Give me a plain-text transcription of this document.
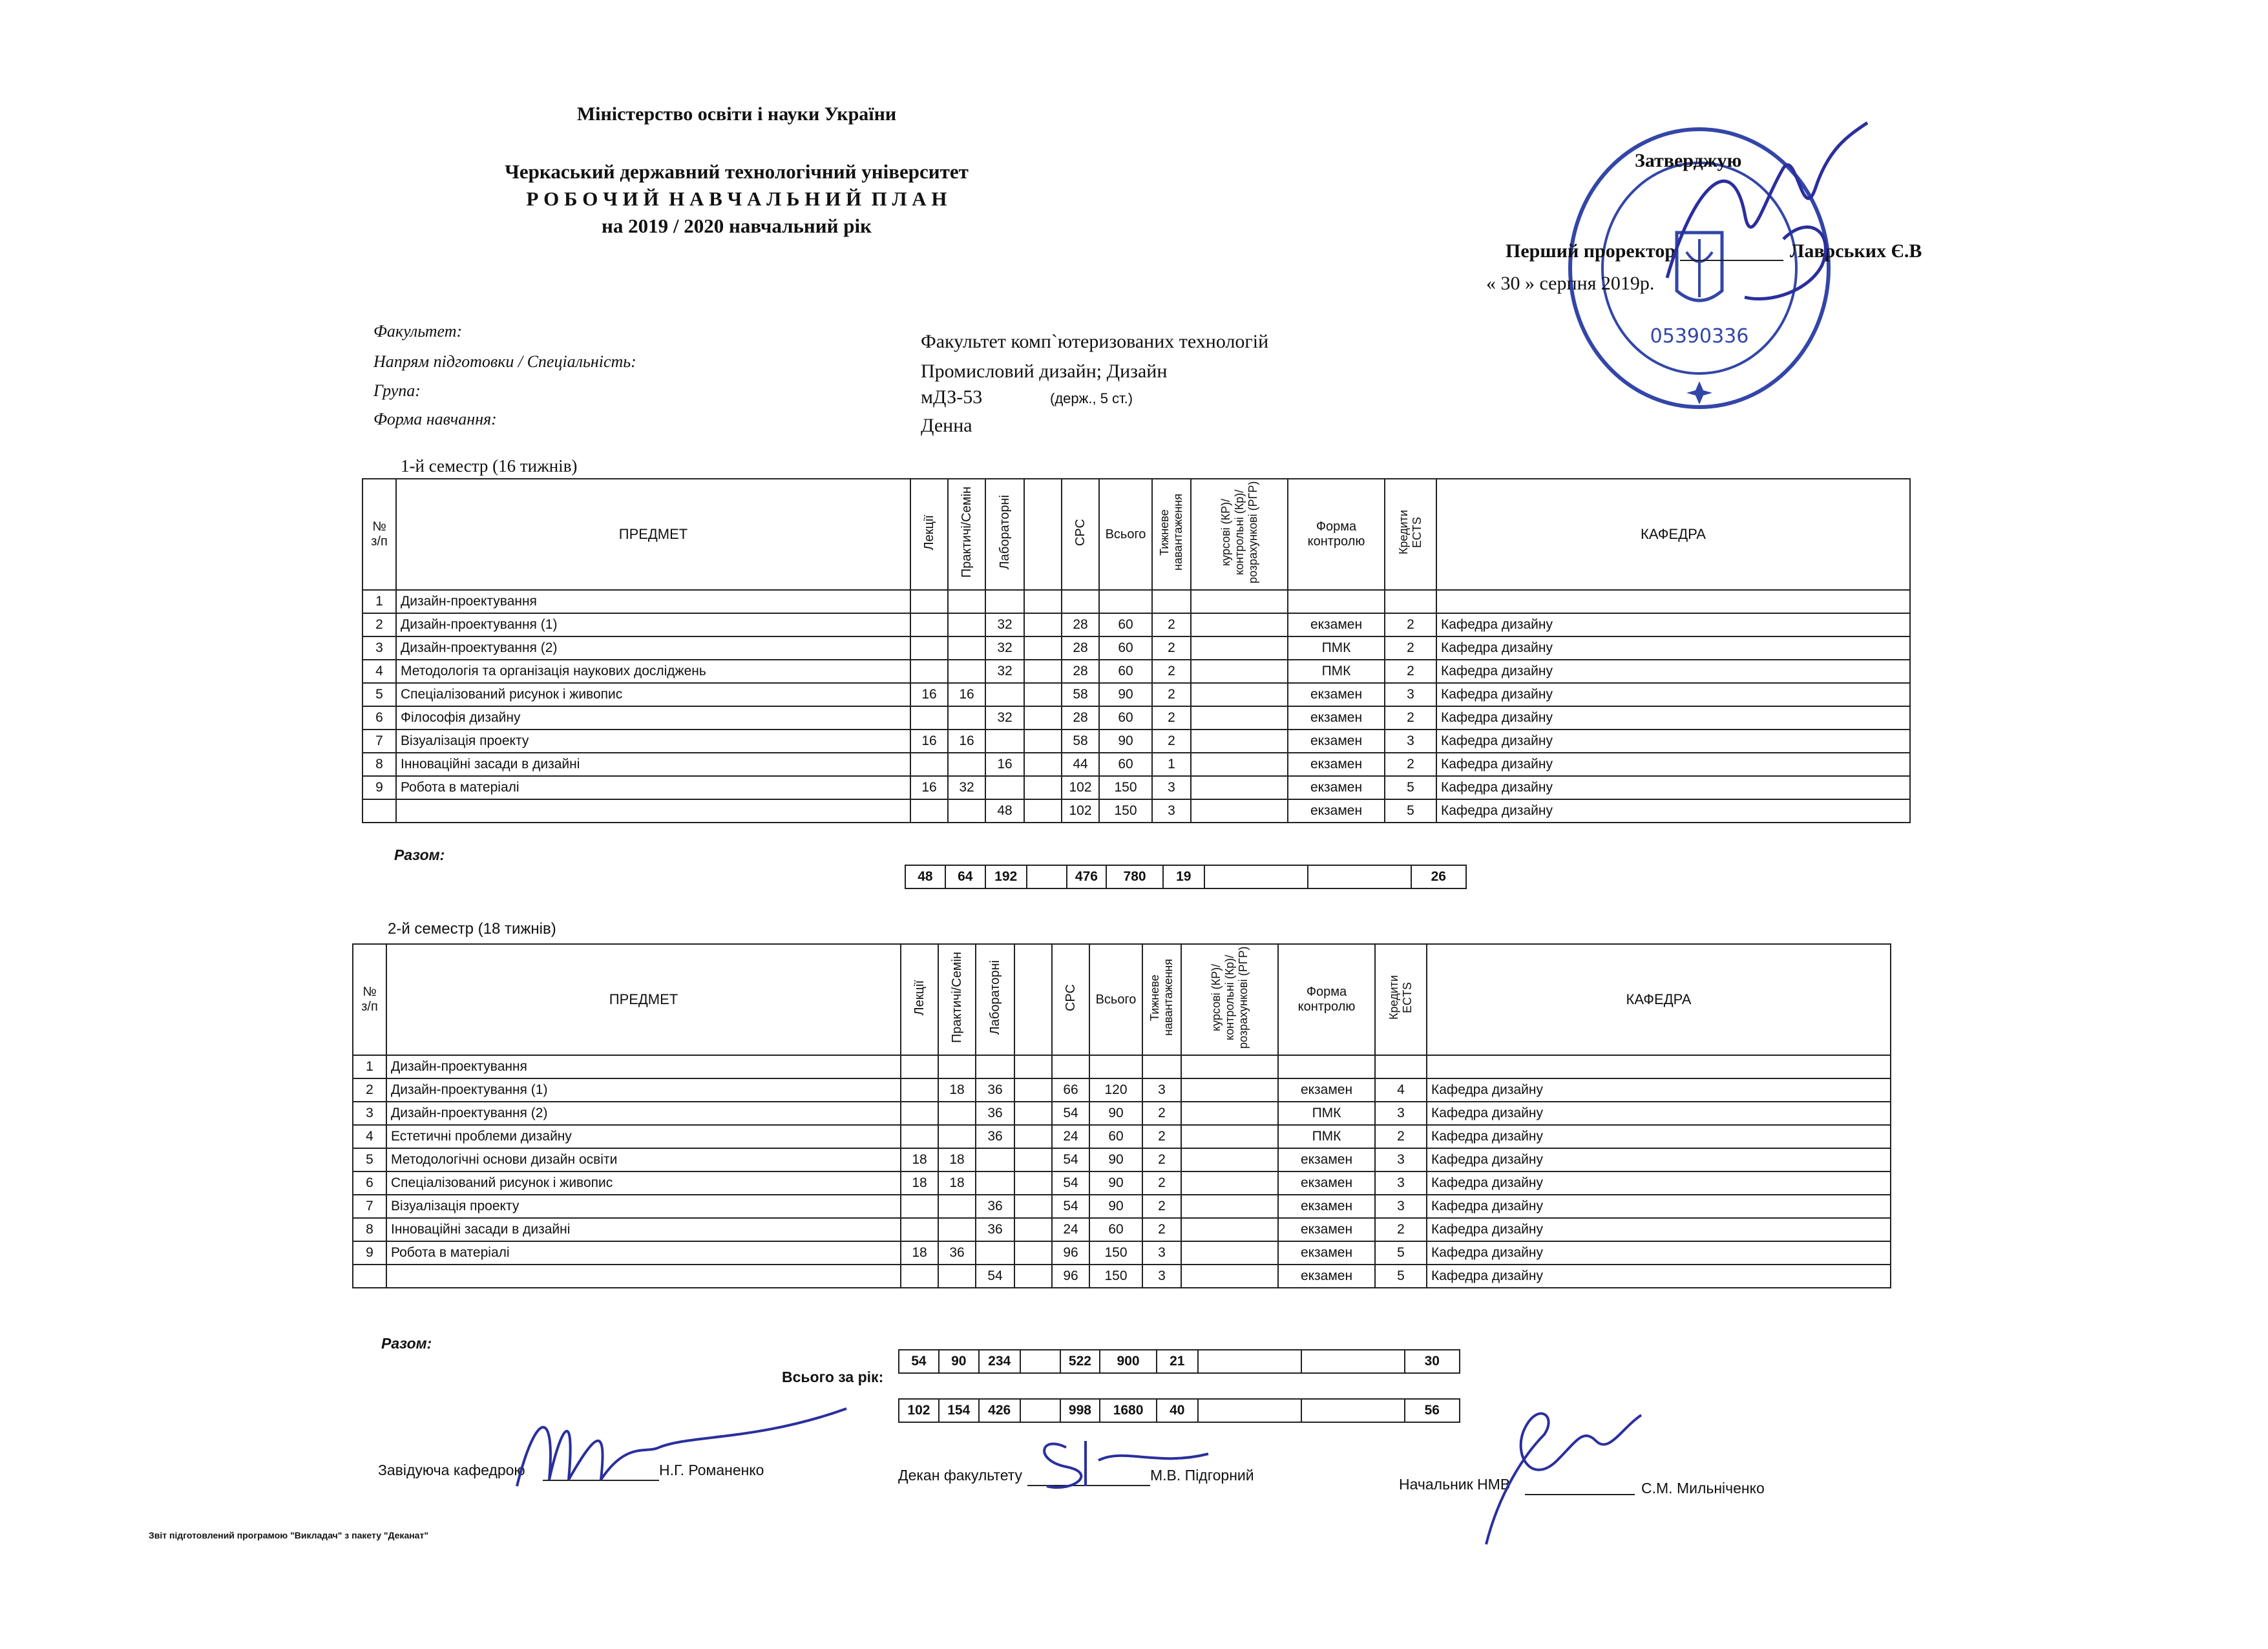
Міністерство освіти і науки України
Черкаський державний технологічний університет
Р О Б О Ч И Й  Н А В Ч А Л Ь Н И Й  П Л А Н
на 2019 / 2020 навчальний рік
05390336
Затверджую
Перший проректор	Лаврських Є.В
« 30 » серпня 2019р.
Факультет:	Факультет комп`ютеризованих технологій
Напрям підготовки / Спеціальність:	Промисловий дизайн; Дизайн
Група:	мДЗ-53	(держ., 5 ст.)
Форма навчання:	Денна
1-й семестр (16 тижнів)
№ з/п	ПРЕДМЕТ	Лекції	Практичі/Семін	Лабораторні		СРС	Всього	Тижневе навантаження	курсові (КР)/ контрольні (Кр)/ розрахункові (РГР)	Форма контролю	Кредити ECTS	КАФЕДРА
1	Дизайн-проектування											
2	Дизайн-проектування (1)			32		28	60	2		екзамен	2	Кафедра дизайну
3	Дизайн-проектування (2)			32		28	60	2		ПМК	2	Кафедра дизайну
4	Методологія та організація наукових досліджень			32		28	60	2		ПМК	2	Кафедра дизайну
5	Спеціалізований рисунок і живопис	16	16			58	90	2		екзамен	3	Кафедра дизайну
6	Філософія дизайну			32		28	60	2		екзамен	2	Кафедра дизайну
7	Візуалізація проекту	16	16			58	90	2		екзамен	3	Кафедра дизайну
8	Інноваційні засади в дизайні			16		44	60	1		екзамен	2	Кафедра дизайну
9	Робота в матеріалі	16	32			102	150	3		екзамен	5	Кафедра дизайну
				48		102	150	3		екзамен	5	Кафедра дизайну
Разом:
48	64	192		476	780	19			26
2-й семестр (18 тижнів)
№ з/п	ПРЕДМЕТ	Лекції	Практичі/Семін	Лабораторні		СРС	Всього	Тижневе навантаження	курсові (КР)/ контрольні (Кр)/ розрахункові (РГР)	Форма контролю	Кредити ECTS	КАФЕДРА
1	Дизайн-проектування											
2	Дизайн-проектування (1)		18	36		66	120	3		екзамен	4	Кафедра дизайну
3	Дизайн-проектування (2)			36		54	90	2		ПМК	3	Кафедра дизайну
4	Естетичні проблеми дизайну			36		24	60	2		ПМК	2	Кафедра дизайну
5	Методологічні основи дизайн освіти	18	18			54	90	2		екзамен	3	Кафедра дизайну
6	Спеціалізований рисунок і живопис	18	18			54	90	2		екзамен	3	Кафедра дизайну
7	Візуалізація проекту			36		54	90	2		екзамен	3	Кафедра дизайну
8	Інноваційні засади в дизайні			36		24	60	2		екзамен	2	Кафедра дизайну
9	Робота в матеріалі	18	36			96	150	3		екзамен	5	Кафедра дизайну
				54		96	150	3		екзамен	5	Кафедра дизайну
Разом:
54	90	234		522	900	21			30
Всього за рік:
102	154	426		998	1680	40			56
Завідуюча кафедрою	Н.Г. Романенко	Декан факультету	М.В. Підгорний
Начальник НМВ	С.М. Мильніченко
Звіт підготовлений програмою "Викладач" з пакету "Деканат"
